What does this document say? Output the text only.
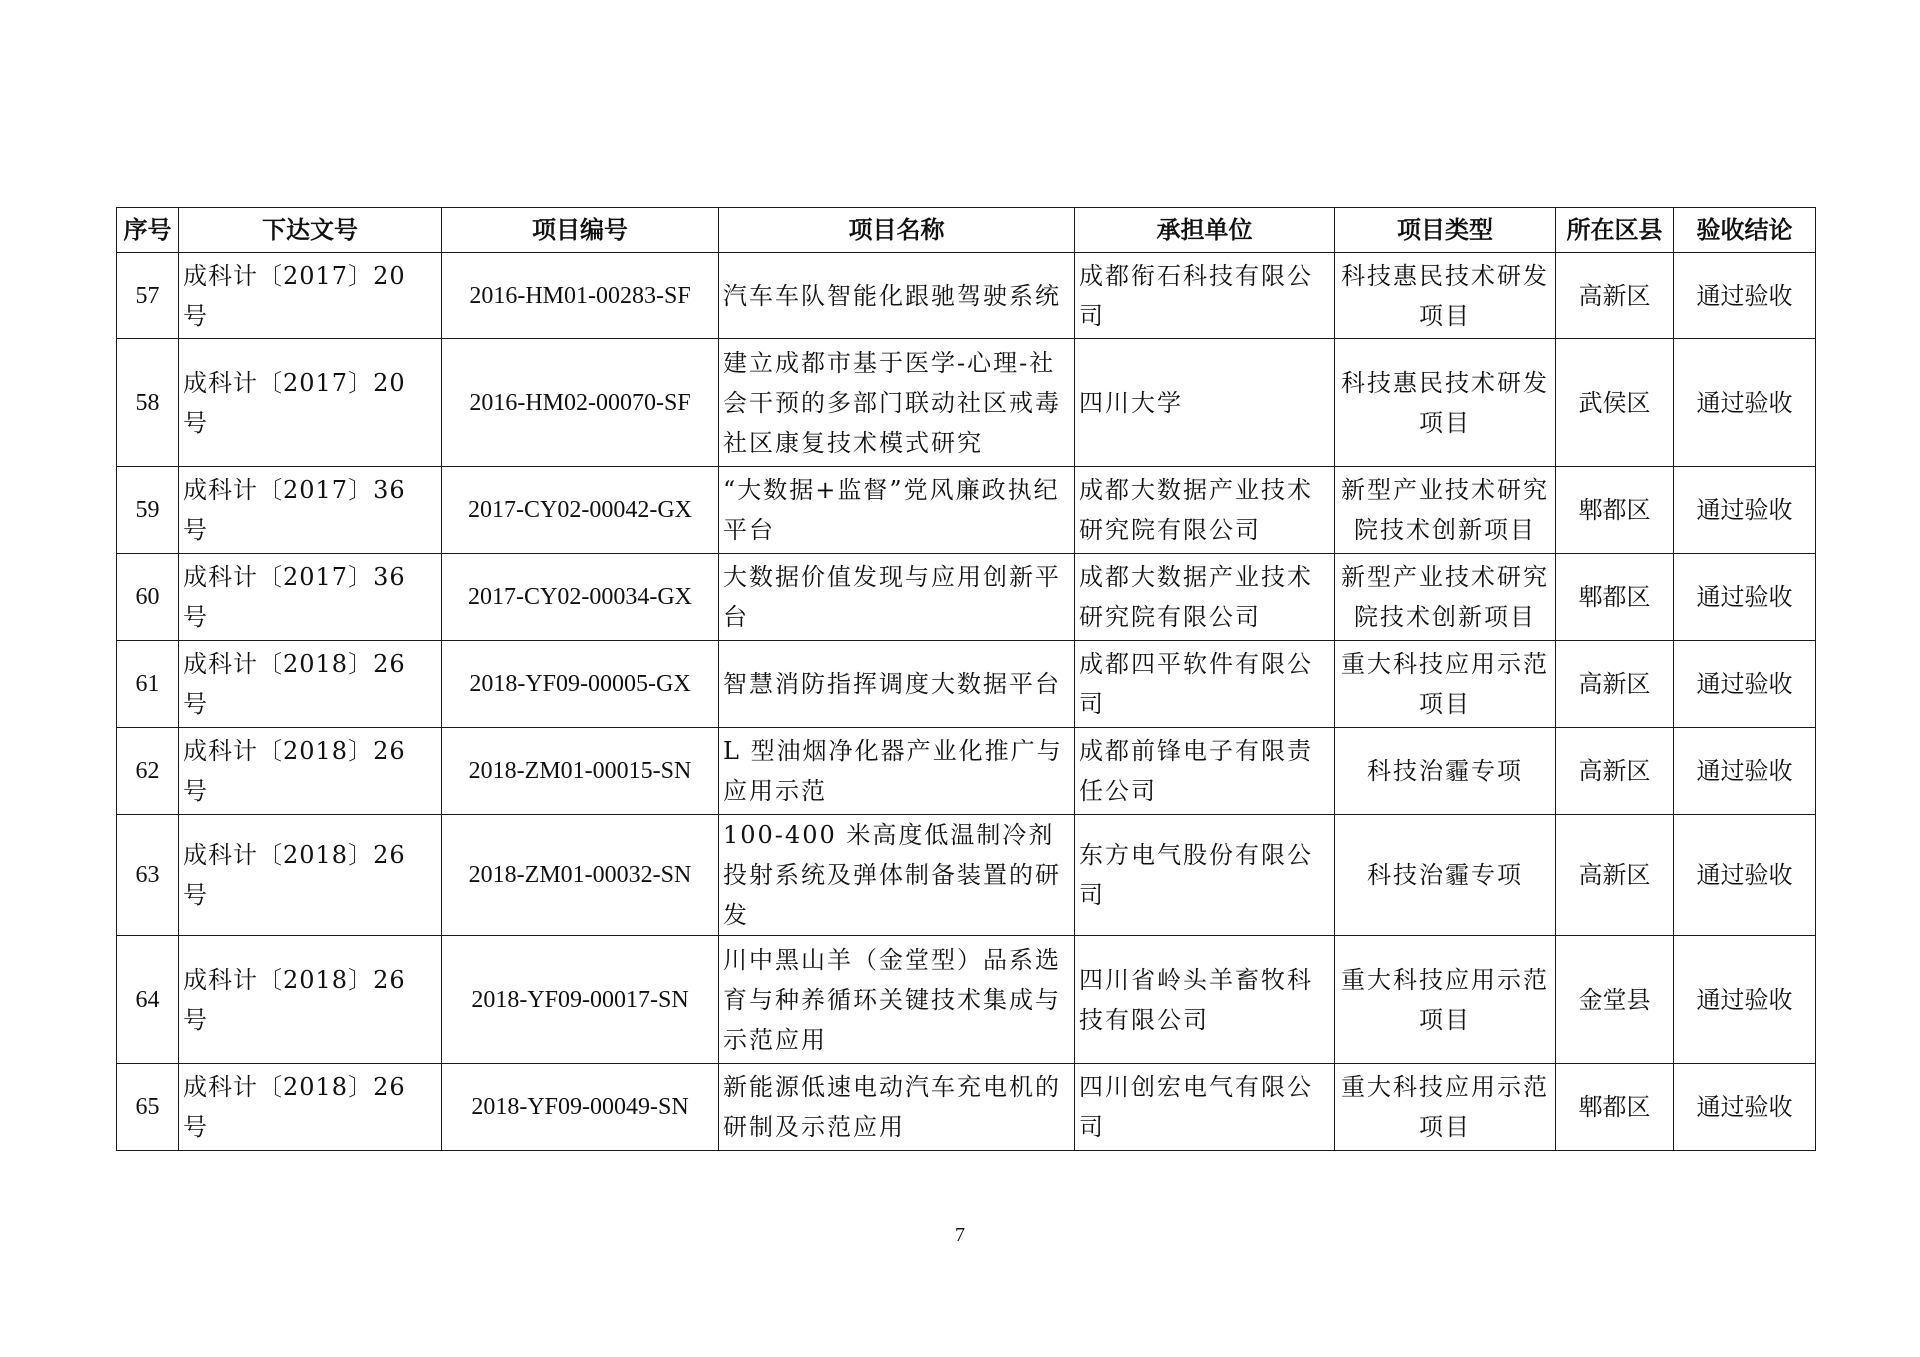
序号	下达文号	项目编号	项目名称	承担单位	项目类型	所在区县	验收结论
57	成科计〔2017〕20 号	2016-HM01-00283-SF	汽车车队智能化跟驰驾驶系统	成都衔石科技有限公司	科技惠民技术研发项目	高新区	通过验收
58	成科计〔2017〕20 号	2016-HM02-00070-SF	建立成都市基于医学-心理-社会干预的多部门联动社区戒毒社区康复技术模式研究	四川大学	科技惠民技术研发项目	武侯区	通过验收
59	成科计〔2017〕36 号	2017-CY02-00042-GX	“大数据+监督”党风廉政执纪平台	成都大数据产业技术研究院有限公司	新型产业技术研究院技术创新项目	郫都区	通过验收
60	成科计〔2017〕36 号	2017-CY02-00034-GX	大数据价值发现与应用创新平台	成都大数据产业技术研究院有限公司	新型产业技术研究院技术创新项目	郫都区	通过验收
61	成科计〔2018〕26 号	2018-YF09-00005-GX	智慧消防指挥调度大数据平台	成都四平软件有限公司	重大科技应用示范项目	高新区	通过验收
62	成科计〔2018〕26 号	2018-ZM01-00015-SN	L 型油烟净化器产业化推广与应用示范	成都前锋电子有限责任公司	科技治霾专项	高新区	通过验收
63	成科计〔2018〕26 号	2018-ZM01-00032-SN	100-400 米高度低温制冷剂投射系统及弹体制备装置的研发	东方电气股份有限公司	科技治霾专项	高新区	通过验收
64	成科计〔2018〕26 号	2018-YF09-00017-SN	川中黑山羊（金堂型）品系选育与种养循环关键技术集成与示范应用	四川省岭头羊畜牧科技有限公司	重大科技应用示范项目	金堂县	通过验收
65	成科计〔2018〕26 号	2018-YF09-00049-SN	新能源低速电动汽车充电机的研制及示范应用	四川创宏电气有限公司	重大科技应用示范项目	郫都区	通过验收
7
